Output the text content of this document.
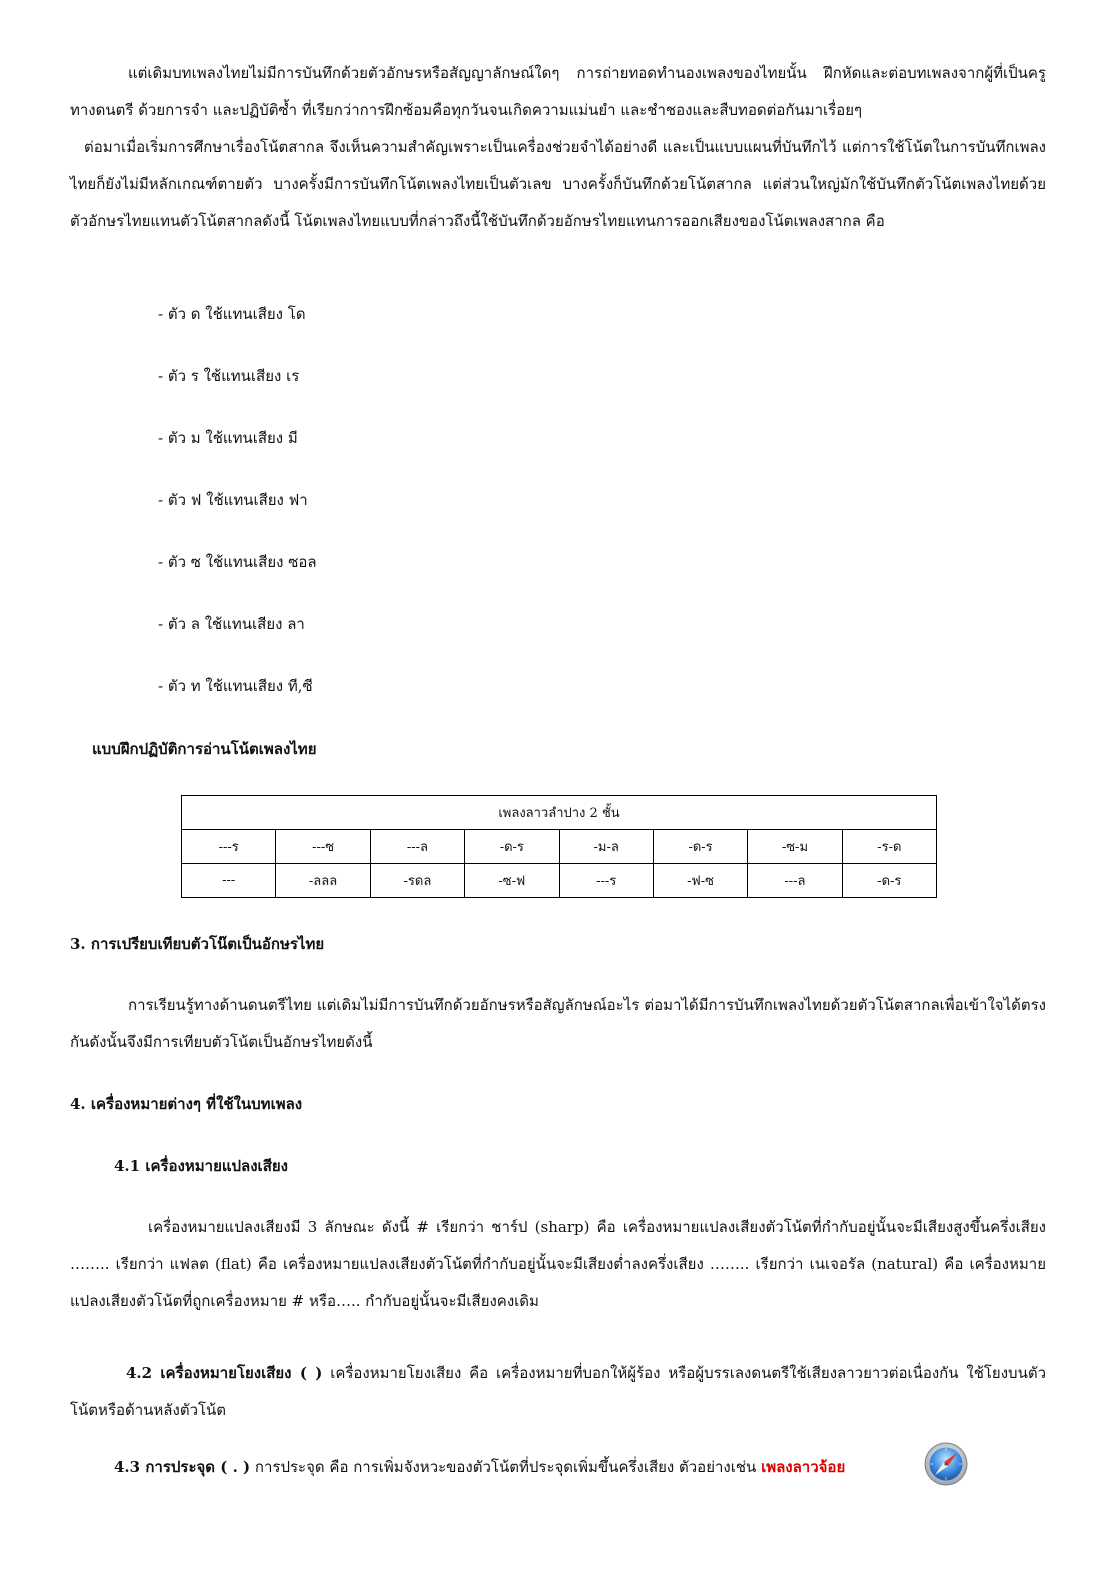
แต่เดิมบทเพลงไทยไม่มีการบันทึกด้วยตัวอักษรหรือสัญญาลักษณ์ใดๆ การถ่ายทอดทำนองเพลงของไทยนั้น ฝึกหัดและต่อบทเพลงจากผู้ที่เป็นครูทางดนตรี ด้วยการจำ และปฏิบัติซ้ำ ที่เรียกว่าการฝึกซ้อมคือทุกวันจนเกิดความแม่นยำ และชำชองและสืบทอดต่อกันมาเรื่อยๆ

ต่อมาเมื่อเริ่มการศึกษาเรื่องโน้ตสากล จึงเห็นความสำคัญเพราะเป็นเครื่องช่วยจำได้อย่างดี และเป็นแบบแผนที่บันทึกไว้ แต่การใช้โน้ตในการบันทึกเพลงไทยก็ยังไม่มีหลักเกณฑ์ตายตัว บางครั้งมีการบันทึกโน้ตเพลงไทยเป็นตัวเลข บางครั้งก็บันทึกด้วยโน้ตสากล แต่ส่วนใหญ่มักใช้บันทึกตัวโน้ตเพลงไทยด้วยตัวอักษรไทยแทนตัวโน้ตสากลดังนี้ โน้ตเพลงไทยแบบที่กล่าวถึงนี้ใช้บันทึกด้วยอักษรไทยแทนการออกเสียงของโน้ตเพลงสากล คือ

- ตัว ด ใช้แทนเสียง โด
- ตัว ร ใช้แทนเสียง เร
- ตัว ม ใช้แทนเสียง มี
- ตัว ฟ ใช้แทนเสียง ฟา
- ตัว ซ ใช้แทนเสียง ซอล
- ตัว ล ใช้แทนเสียง ลา
- ตัว ท ใช้แทนเสียง ที,ซี
แบบฝึกปฏิบัติการอ่านโน้ตเพลงไทย
เพลงลาวลำปาง 2 ชั้น							
---ร	---ซ	---ล	-ด-ร	-ม-ล	-ด-ร	-ซ-ม	-ร-ด
---	-ลลล	-รดล	-ซ-ฟ	---ร	-ฟ-ซ	---ล	-ด-ร
3. การเปรียบเทียบตัวโน๊ตเป็นอักษรไทย

การเรียนรู้ทางด้านดนตรีไทย แต่เดิมไม่มีการบันทึกด้วยอักษรหรือสัญลักษณ์อะไร ต่อมาได้มีการบันทึกเพลงไทยด้วยตัวโน้ตสากลเพื่อเข้าใจได้ตรงกันดังนั้นจึงมีการเทียบตัวโน้ตเป็นอักษรไทยดังนี้

4. เครื่องหมายต่างๆ ที่ใช้ในบทเพลง
4.1 เครื่องหมายแปลงเสียง

เครื่องหมายแปลงเสียงมี 3 ลักษณะ ดังนี้ # เรียกว่า ชาร์ป (sharp) คือ เครื่องหมายแปลงเสียงตัวโน้ตที่กำกับอยู่นั้นจะมีเสียงสูงขึ้นครึ่งเสียง …….. เรียกว่า แฟลต (flat) คือ เครื่องหมายแปลงเสียงตัวโน้ตที่กำกับอยู่นั้นจะมีเสียงต่ำลงครึ่งเสียง …….. เรียกว่า เนเจอรัล (natural) คือ เครื่องหมายแปลงเสียงตัวโน้ตที่ถูกเครื่องหมาย # หรือ….. กำกับอยู่นั้นจะมีเสียงคงเดิม

4.2 เครื่องหมายโยงเสียง ( ) เครื่องหมายโยงเสียง คือ เครื่องหมายที่บอกให้ผู้ร้อง หรือผู้บรรเลงดนตรีใช้เสียงลาวยาวต่อเนื่องกัน ใช้โยงบนตัวโน้ตหรือด้านหลังตัวโน้ต

4.3 การประจุด ( . ) การประจุด คือ การเพิ่มจังหวะของตัวโน้ตที่ประจุดเพิ่มขึ้นครึ่งเสียง ตัวอย่างเช่น เพลงลาวจ้อย
